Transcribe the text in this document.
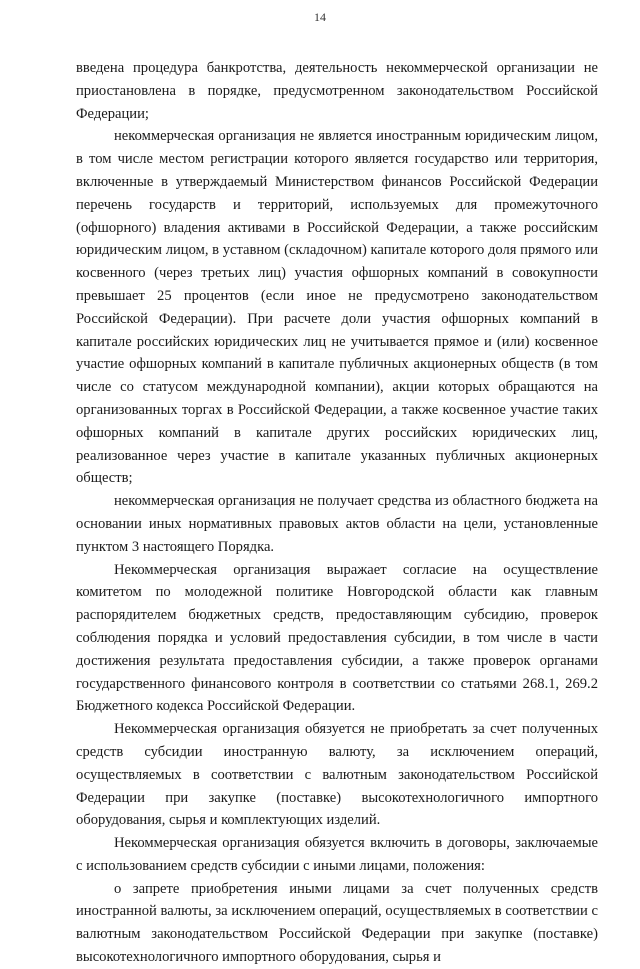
14

введена процедура банкротства, деятельность некоммерческой организации не приостановлена в порядке, предусмотренном законодательством Российской Федерации;

некоммерческая организация не является иностранным юридическим лицом, в том числе местом регистрации которого является государство или территория, включенные в утверждаемый Министерством финансов Российской Федерации перечень государств и территорий, используемых для промежуточного (офшорного) владения активами в Российской Федерации, а также российским юридическим лицом, в уставном (складочном) капитале которого доля прямого или косвенного (через третьих лиц) участия офшорных компаний в совокупности превышает 25 процентов (если иное не предусмотрено законодательством Российской Федерации). При расчете доли участия офшорных компаний в капитале российских юридических лиц не учитывается прямое и (или) косвенное участие офшорных компаний в капитале публичных акционерных обществ (в том числе со статусом международной компании), акции которых обращаются на организованных торгах в Российской Федерации, а также косвенное участие таких офшорных компаний в капитале других российских юридических лиц, реализованное через участие в капитале указанных публичных акционерных обществ;

некоммерческая организация не получает средства из областного бюджета на основании иных нормативных правовых актов области на цели, установленные пунктом 3 настоящего Порядка.

Некоммерческая организация выражает согласие на осуществление комитетом по молодежной политике Новгородской области как главным распорядителем бюджетных средств, предоставляющим субсидию, проверок соблюдения порядка и условий предоставления субсидии, в том числе в части достижения результата предоставления субсидии, а также проверок органами государственного финансового контроля в соответствии со статьями 268.1, 269.2 Бюджетного кодекса Российской Федерации.

Некоммерческая организация обязуется не приобретать за счет полученных средств субсидии иностранную валюту, за исключением операций, осуществляемых в соответствии с валютным законодательством Российской Федерации при закупке (поставке) высокотехнологичного импортного оборудования, сырья и комплектующих изделий.

Некоммерческая организация обязуется включить в договоры, заключаемые с использованием средств субсидии с иными лицами, положения:

о запрете приобретения иными лицами за счет полученных средств иностранной валюты, за исключением операций, осуществляемых в соответствии с валютным законодательством Российской Федерации при закупке (поставке) высокотехнологичного импортного оборудования, сырья и
